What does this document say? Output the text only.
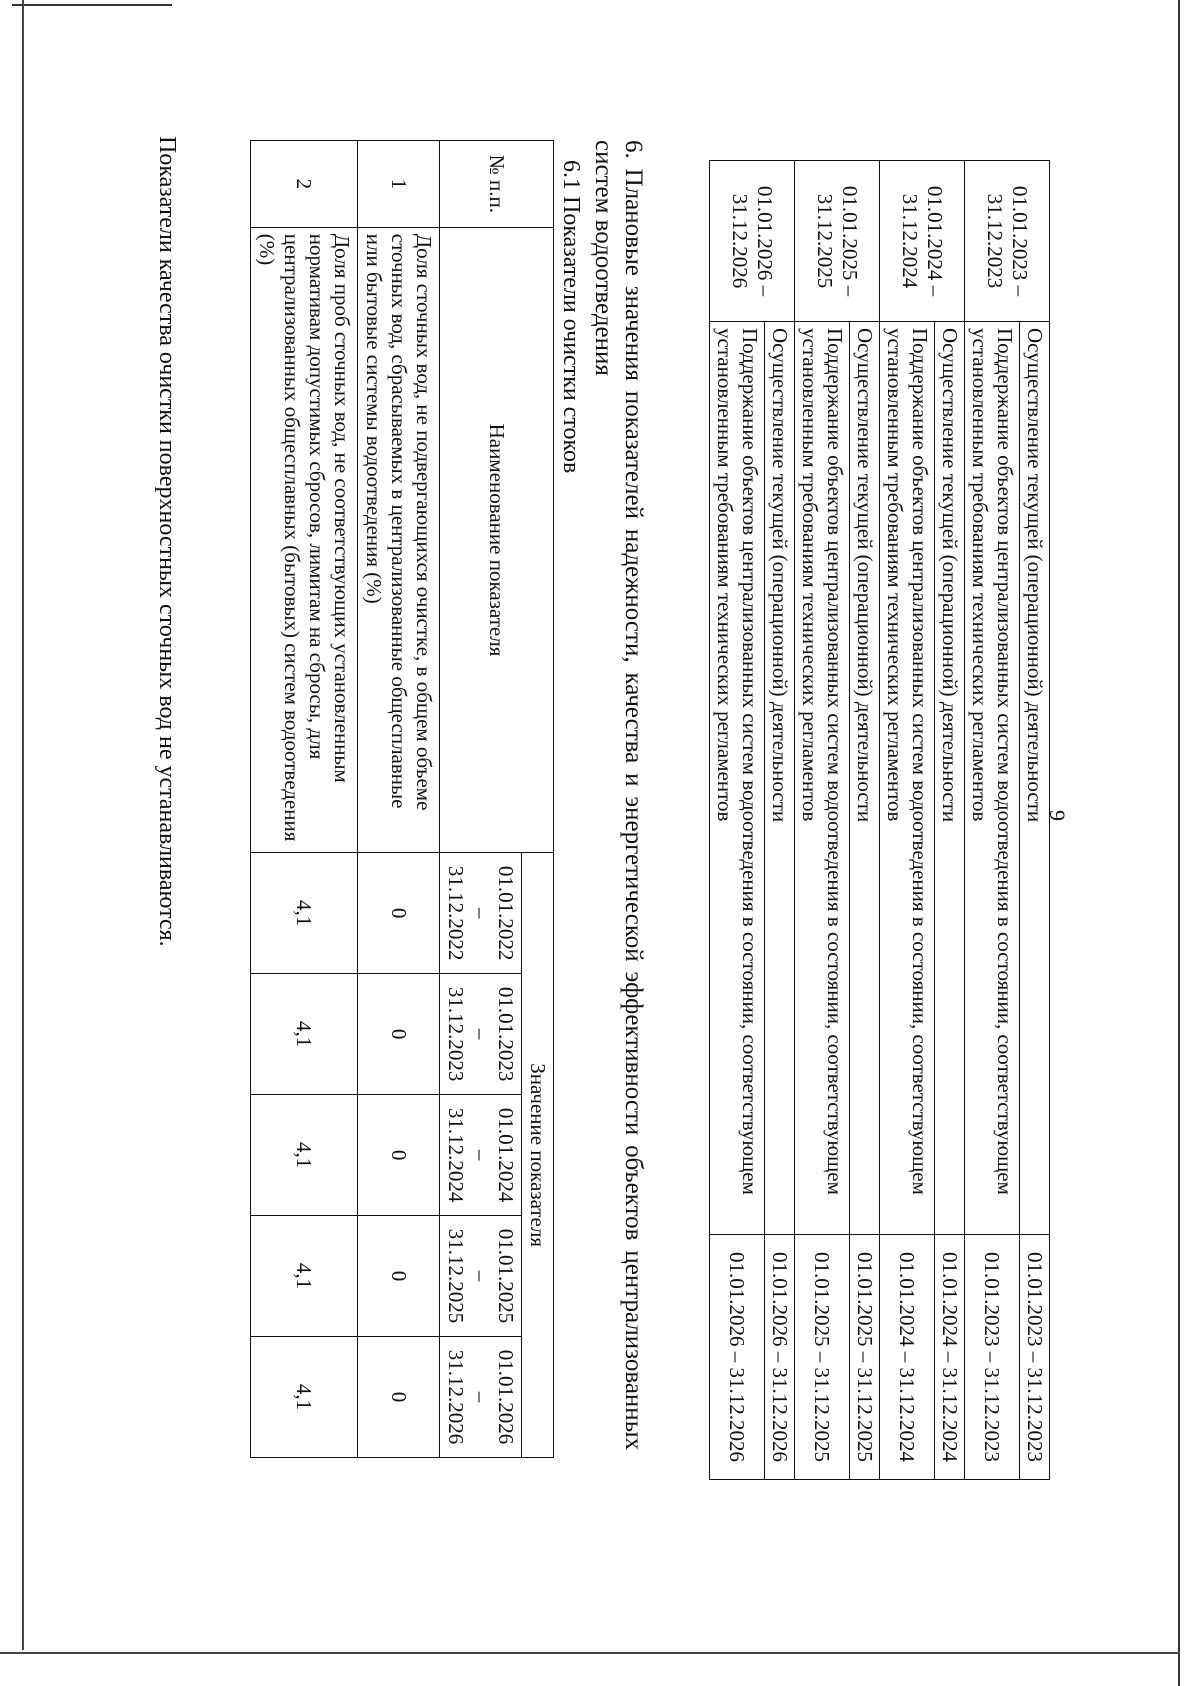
9
01.01.2023 – 31.12.2023	Осуществление текущей (операционной) деятельности	01.01.2023 – 31.12.2023
	Поддержание объектов централизованных систем водоотведения в состоянии, соответствующем установленным требованиям технических регламентов	01.01.2023 – 31.12.2023
01.01.2024 – 31.12.2024	Осуществление текущей (операционной) деятельности	01.01.2024 – 31.12.2024
	Поддержание объектов централизованных систем водоотведения в состоянии, соответствующем установленным требованиям технических регламентов	01.01.2024 – 31.12.2024
01.01.2025 – 31.12.2025	Осуществление текущей (операционной) деятельности	01.01.2025 – 31.12.2025
	Поддержание объектов централизованных систем водоотведения в состоянии, соответствующем установленным требованиям технических регламентов	01.01.2025 – 31.12.2025
01.01.2026 – 31.12.2026	Осуществление текущей (операционной) деятельности	01.01.2026 – 31.12.2026
	Поддержание объектов централизованных систем водоотведения в состоянии, соответствующем установленным требованиям технических регламентов	01.01.2026 – 31.12.2026
6. Плановые значения показателей надежности, качества и энергетической эффективности объектов централизованных систем водоотведения
6.1 Показатели очистки стоков
№ п.п.	Наименование показателя	Значение показателя				
		01.01.2022 – 31.12.2022	01.01.2023 – 31.12.2023	01.01.2024 – 31.12.2024	01.01.2025 – 31.12.2025	01.01.2026 – 31.12.2026
1	Доля сточных вод, не подвергающихся очистке, в общем объеме сточных вод, сбрасываемых в централизованные общесплавные или бытовые системы водоотведения (%)	0	0	0	0	0
2	Доля проб сточных вод, не соответствующих установленным нормативам допустимых сбросов, лимитам на сбросы, для централизованных общесплавных (бытовых) систем водоотведения (%)	4,1	4,1	4,1	4,1	4,1
Показатели качества очистки поверхностных сточных вод не устанавливаются.
